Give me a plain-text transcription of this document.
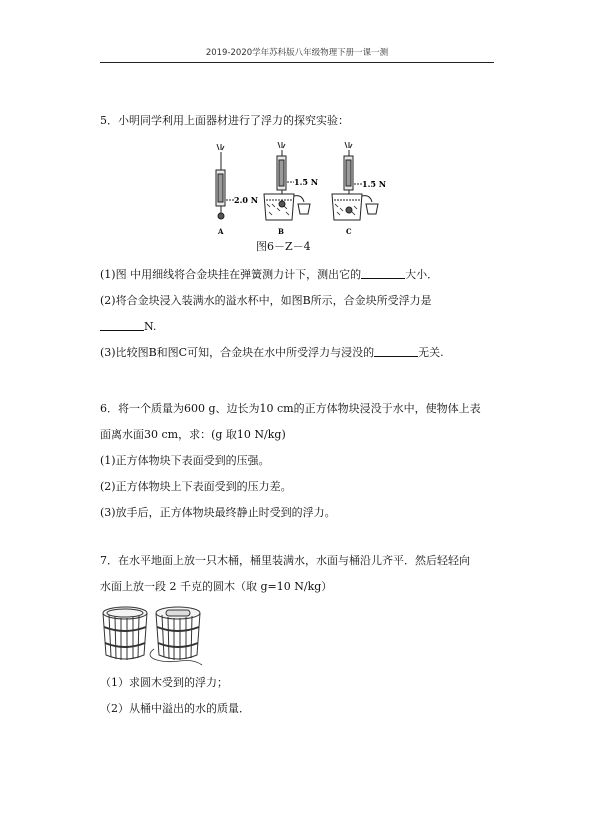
2019-2020学年苏科版八年级物理下册一课一测
5．小明同学利用上面器材进行了浮力的探究实验：
2.0 N
A
1.5 N
B
1.5 N
C
图6－Z－4
(1)图 中用细线将合金块挂在弹簧测力计下，测出它的	大小．
(2)将合金块浸入装满水的溢水杯中，如图B所示，合金块所受浮力是
N.
(3)比较图B和图C可知，合金块在水中所受浮力与浸没的	无关.
6．将一个质量为600 g、边长为10 cm的正方体物块浸没于水中，使物体上表
面离水面30 cm，求：(g 取10 N/kg)
(1)正方体物块下表面受到的压强。
(2)正方体物块上下表面受到的压力差。
(3)放手后，正方体物块最终静止时受到的浮力。
7．在水平地面上放一只木桶，桶里装满水，水面与桶沿儿齐平．然后轻轻向
水面上放一段 2 千克的圆木（取 g=10 N/kg）
（1）求圆木受到的浮力；
（2）从桶中溢出的水的质量．
